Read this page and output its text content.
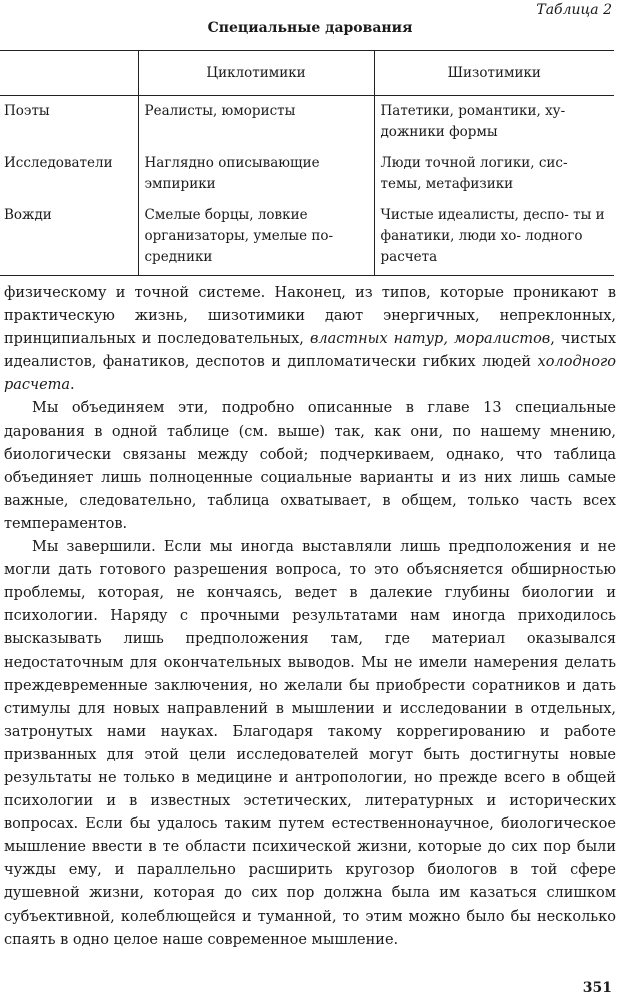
Таблица 2
Специальные дарования
	Циклотимики	Шизотимики
Поэты	Реалисты, юмористы	Патетики, романтики, ху- дожники формы
Исследователи	Наглядно описывающие эмпирики	Люди точной логики, сис- темы, метафизики
Вожди	Смелые борцы, ловкие организаторы, умелые по- средники	Чистые идеалисты, деспо- ты и фанатики, люди хо- лодного расчета

физическому и точной системе. Наконец, из типов, которые проникают в практическую жизнь, шизотимики дают энергичных, непреклонных, принципиальных и последовательных, властных натур, моралистов, чистых идеалистов, фанатиков, деспотов и дипломатически гибких людей холодного расчета.

Мы объединяем эти, подробно описанные в главе 13 специальные дарования в одной таблице (см. выше) так, как они, по нашему мнению, биологически связаны между собой; подчеркиваем, однако, что таблица объединяет лишь полноценные социальные варианты и из них лишь самые важные, следовательно, таблица охватывает, в общем, только часть всех темпераментов.

Мы завершили. Если мы иногда выставляли лишь предположения и не могли дать готового разрешения вопроса, то это объясняется обширностью проблемы, которая, не кончаясь, ведет в далекие глубины биологии и психологии. Наряду с прочными результатами нам иногда приходилось высказывать лишь предположения там, где материал оказывался недостаточным для окончательных выводов. Мы не имели намерения делать преждевременные заключения, но желали бы приобрести соратников и дать стимулы для новых направлений в мышлении и исследовании в отдельных, затронутых нами науках. Благодаря такому коррегированию и работе призванных для этой цели исследователей могут быть достигнуты новые результаты не только в медицине и антропологии, но прежде всего в общей психологии и в известных эстетических, литературных и исторических вопросах. Если бы удалось таким путем естественнонаучное, биологическое мышление ввести в те области психической жизни, которые до сих пор были чужды ему, и параллельно расширить кругозор биологов в той сфере душевной жизни, которая до сих пор должна была им казаться слишком субъективной, колеблющейся и туманной, то этим можно было бы несколько спаять в одно целое наше современное мышление.

351
